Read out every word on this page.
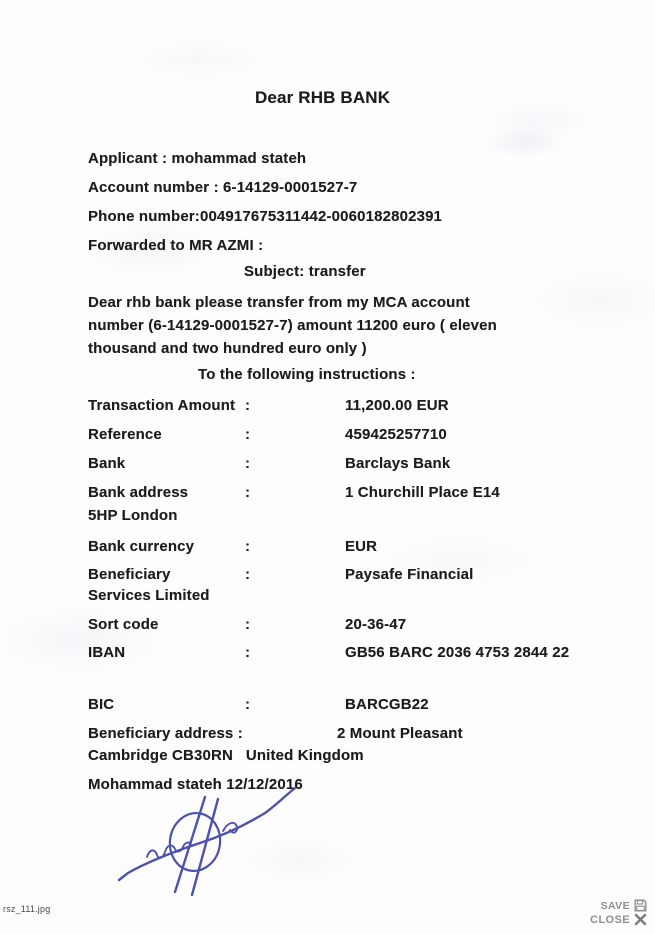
Dear RHB BANK
Applicant : mohammad stateh
Account number : 6-14129-0001527-7
Phone number:004917675311442-0060182802391
Forwarded to MR AZMI :
Subject: transfer
Dear rhb bank please transfer from my MCA account
number (6-14129-0001527-7) amount 11200 euro ( eleven
thousand and two hundred euro only )
To the following instructions :
Transaction Amount :	11,200.00 EUR
Reference	:	459425257710
Bank	:	Barclays Bank
Bank address	:	1 Churchill Place E14
5HP London
Bank currency	:	EUR
Beneficiary	:	Paysafe Financial
Services Limited
Sort code	:	20-36-47
IBAN	:	GB56 BARC 2036 4753 2844 22
BIC	:	BARCGB22
Beneficiary address :	2 Mount Pleasant
Cambridge CB30RN   United Kingdom
Mohammad stateh 12/12/2016
rsz_111.jpg	SAVE
CLOSE
